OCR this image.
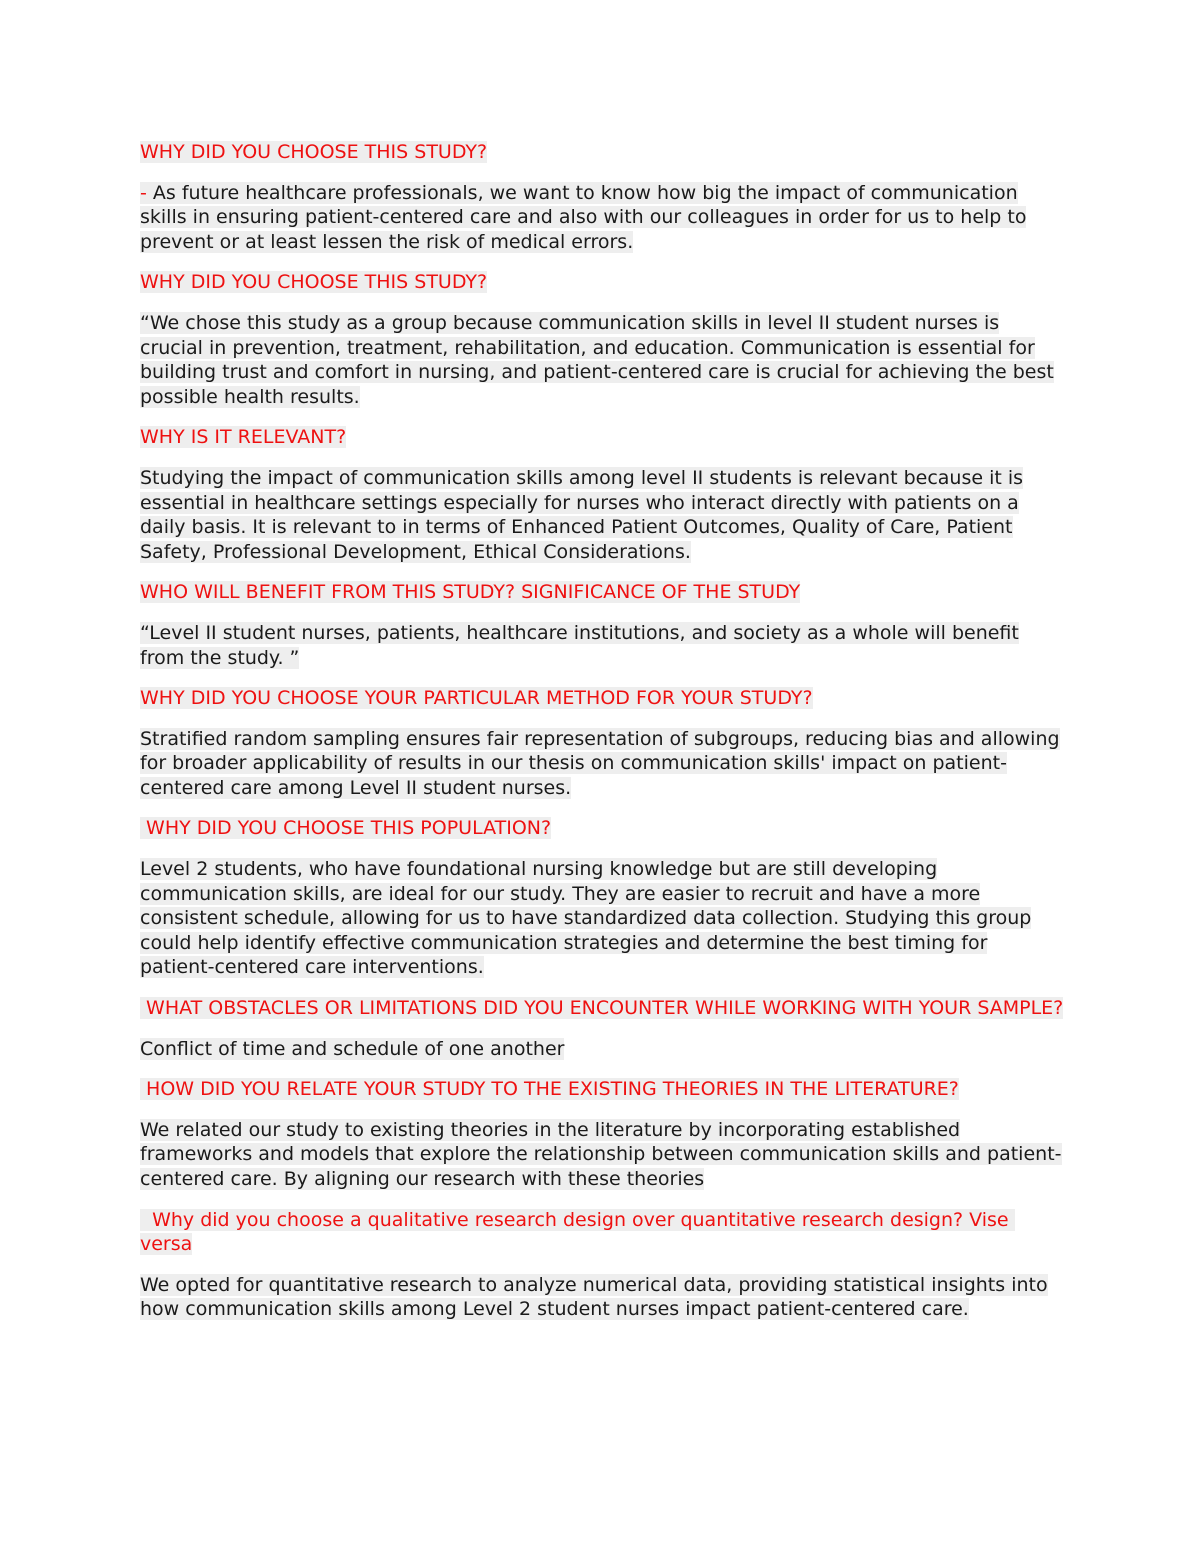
WHY DID YOU CHOOSE THIS STUDY?

- As future healthcare professionals, we want to know how big the impact of communication skills in ensuring patient-centered care and also with our colleagues in order for us to help to prevent or at least lessen the risk of medical errors.

WHY DID YOU CHOOSE THIS STUDY?

“We chose this study as a group because communication skills in level II student nurses is crucial in prevention, treatment, rehabilitation, and education. Communication is essential for building trust and comfort in nursing, and patient-centered care is crucial for achieving the best possible health results.

WHY IS IT RELEVANT?

Studying the impact of communication skills among level II students is relevant because it is essential in healthcare settings especially for nurses who interact directly with patients on a daily basis. It is relevant to in terms of Enhanced Patient Outcomes, Quality of Care, Patient Safety, Professional Development, Ethical Considerations.

WHO WILL BENEFIT FROM THIS STUDY? SIGNIFICANCE OF THE STUDY

“Level II student nurses, patients, healthcare institutions, and society as a whole will benefit from the study. ”

WHY DID YOU CHOOSE YOUR PARTICULAR METHOD FOR YOUR STUDY?

Stratified random sampling ensures fair representation of subgroups, reducing bias and allowing for broader applicability of results in our thesis on communication skills' impact on patient-centered care among Level II student nurses.

WHY DID YOU CHOOSE THIS POPULATION?

Level 2 students, who have foundational nursing knowledge but are still developing communication skills, are ideal for our study. They are easier to recruit and have a more consistent schedule, allowing for us to have standardized data collection. Studying this group could help identify effective communication strategies and determine the best timing for patient-centered care interventions.

WHAT OBSTACLES OR LIMITATIONS DID YOU ENCOUNTER WHILE WORKING WITH YOUR SAMPLE?

Conflict of time and schedule of one another

HOW DID YOU RELATE YOUR STUDY TO THE EXISTING THEORIES IN THE LITERATURE?

We related our study to existing theories in the literature by incorporating established frameworks and models that explore the relationship between communication skills and patient-centered care. By aligning our research with these theories

Why did you choose a qualitative research design over quantitative research design? Vise versa

We opted for quantitative research to analyze numerical data, providing statistical insights into how communication skills among Level 2 student nurses impact patient-centered care.
